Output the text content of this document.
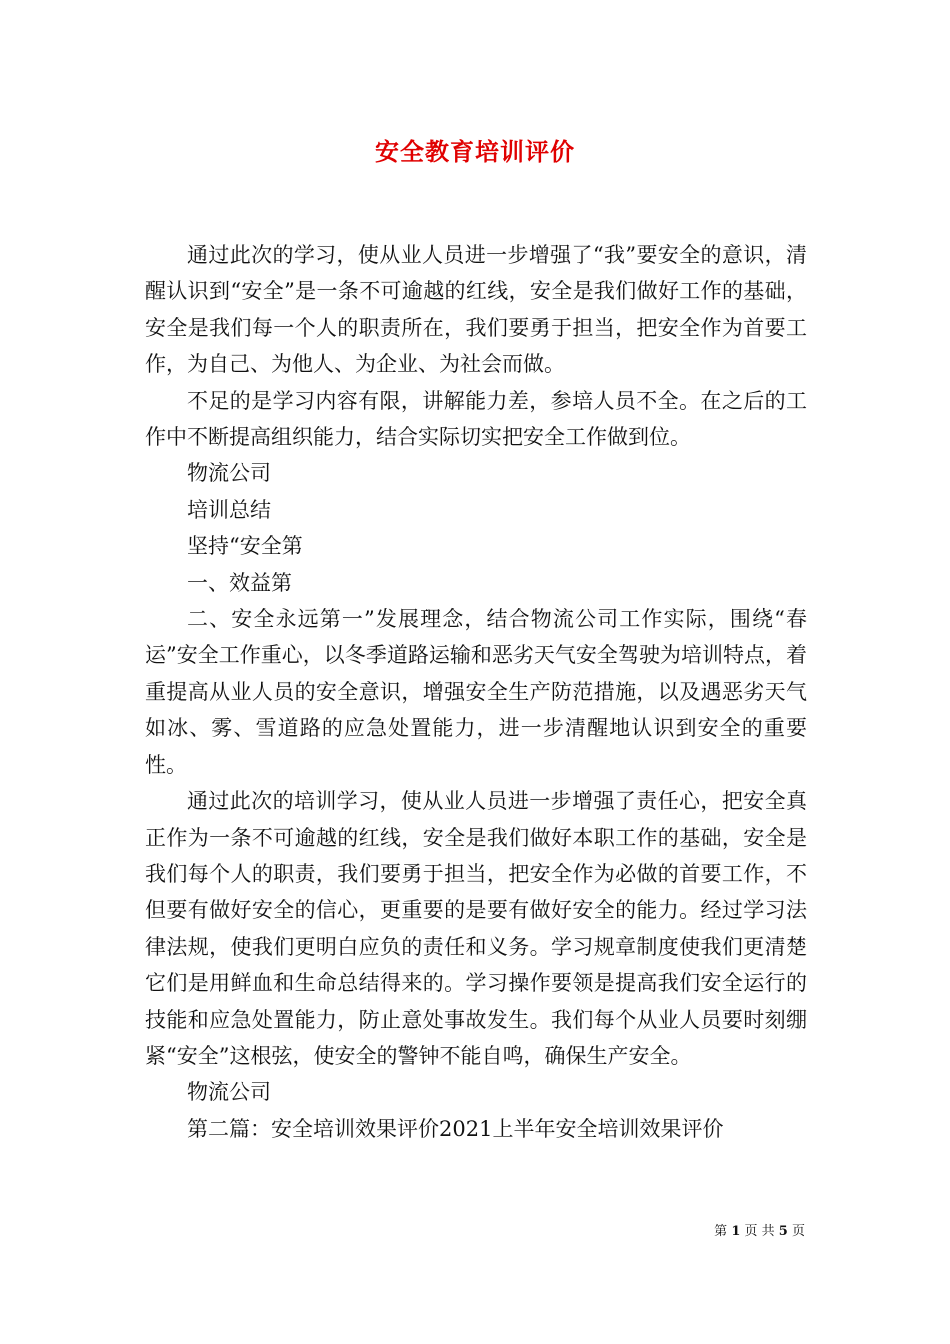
安全教育培训评价

通过此次的学习，使从业人员进一步增强了“我”要安全的意识，清醒认识到“安全”是一条不可逾越的红线，安全是我们做好工作的基础，安全是我们每一个人的职责所在，我们要勇于担当，把安全作为首要工作，为自己、为他人、为企业、为社会而做。

不足的是学习内容有限，讲解能力差，参培人员不全。在之后的工作中不断提高组织能力，结合实际切实把安全工作做到位。

物流公司

培训总结

坚持“安全第

一、效益第

二、安全永远第一”发展理念，结合物流公司工作实际，围绕“春运”安全工作重心，以冬季道路运输和恶劣天气安全驾驶为培训特点，着重提高从业人员的安全意识，增强安全生产防范措施，以及遇恶劣天气如冰、雾、雪道路的应急处置能力，进一步清醒地认识到安全的重要性。

通过此次的培训学习，使从业人员进一步增强了责任心，把安全真正作为一条不可逾越的红线，安全是我们做好本职工作的基础，安全是我们每个人的职责，我们要勇于担当，把安全作为必做的首要工作，不但要有做好安全的信心，更重要的是要有做好安全的能力。经过学习法律法规，使我们更明白应负的责任和义务。学习规章制度使我们更清楚它们是用鲜血和生命总结得来的。学习操作要领是提高我们安全运行的技能和应急处置能力，防止意处事故发生。我们每个从业人员要时刻绷紧“安全”这根弦，使安全的警钟不能自鸣，确保生产安全。

物流公司

第二篇：安全培训效果评价2021上半年安全培训效果评价

第 1 页 共 5 页
